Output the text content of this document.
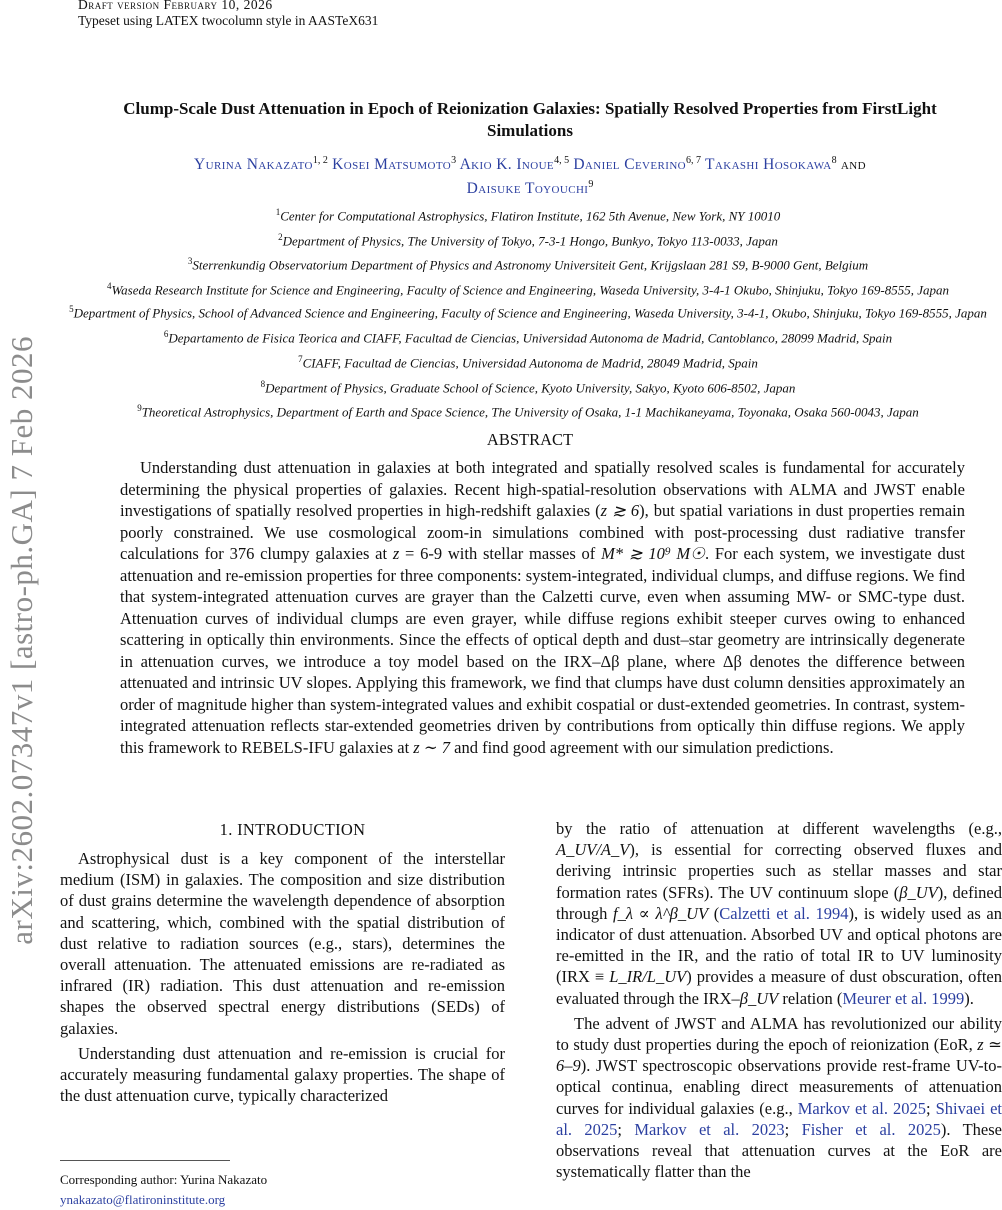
arXiv:2602.07347v1 [astro-ph.GA] 7 Feb 2026
Draft version February 10, 2026
Typeset using LATEX twocolumn style in AASTeX631
Clump-Scale Dust Attenuation in Epoch of Reionization Galaxies: Spatially Resolved Properties from FirstLight Simulations
Yurina Nakazato$^{1, 2}$ Kosei Matsumoto$^3$ Akio K. Inoue$^{4, 5}$ Daniel Ceverino$^{6, 7}$ Takashi Hosokawa$^8$ and
Daisuke Toyouchi$^9$
$^1$Center for Computational Astrophysics, Flatiron Institute, 162 5th Avenue, New York, NY 10010
$^2$Department of Physics, The University of Tokyo, 7-3-1 Hongo, Bunkyo, Tokyo 113-0033, Japan
$^3$Sterrenkundig Observatorium Department of Physics and Astronomy Universiteit Gent, Krijgslaan 281 S9, B-9000 Gent, Belgium
$^4$Waseda Research Institute for Science and Engineering, Faculty of Science and Engineering, Waseda University, 3-4-1 Okubo, Shinjuku, Tokyo 169-8555, Japan
$^5$Department of Physics, School of Advanced Science and Engineering, Faculty of Science and Engineering, Waseda University, 3-4-1, Okubo, Shinjuku, Tokyo 169-8555, Japan
$^6$Departamento de Fisica Teorica and CIAFF, Facultad de Ciencias, Universidad Autonoma de Madrid, Cantoblanco, 28099 Madrid, Spain
$^7$CIAFF, Facultad de Ciencias, Universidad Autonoma de Madrid, 28049 Madrid, Spain
$^8$Department of Physics, Graduate School of Science, Kyoto University, Sakyo, Kyoto 606-8502, Japan
$^9$Theoretical Astrophysics, Department of Earth and Space Science, The University of Osaka, 1-1 Machikaneyama, Toyonaka, Osaka 560-0043, Japan
ABSTRACT
Understanding dust attenuation in galaxies at both integrated and spatially resolved scales is fundamental for accurately determining the physical properties of galaxies. Recent high-spatial-resolution observations with ALMA and JWST enable investigations of spatially resolved properties in high-redshift galaxies (z ≳ 6), but spatial variations in dust properties remain poorly constrained. We use cosmological zoom-in simulations combined with post-processing dust radiative transfer calculations for 376 clumpy galaxies at z = 6-9 with stellar masses of M* ≳ 10⁹ M☉. For each system, we investigate dust attenuation and re-emission properties for three components: system-integrated, individual clumps, and diffuse regions. We find that system-integrated attenuation curves are grayer than the Calzetti curve, even when assuming MW- or SMC-type dust. Attenuation curves of individual clumps are even grayer, while diffuse regions exhibit steeper curves owing to enhanced scattering in optically thin environments. Since the effects of optical depth and dust–star geometry are intrinsically degenerate in attenuation curves, we introduce a toy model based on the IRX–Δβ plane, where Δβ denotes the difference between attenuated and intrinsic UV slopes. Applying this framework, we find that clumps have dust column densities approximately an order of magnitude higher than system-integrated values and exhibit cospatial or dust-extended geometries. In contrast, system-integrated attenuation reflects star-extended geometries driven by contributions from optically thin diffuse regions. We apply this framework to REBELS-IFU galaxies at z ∼ 7 and find good agreement with our simulation predictions.
1. INTRODUCTION

Astrophysical dust is a key component of the interstellar medium (ISM) in galaxies. The composition and size distribution of dust grains determine the wavelength dependence of absorption and scattering, which, combined with the spatial distribution of dust relative to radiation sources (e.g., stars), determines the overall attenuation. The attenuated emissions are re-radiated as infrared (IR) radiation. This dust attenuation and re-emission shapes the observed spectral energy distributions (SEDs) of galaxies.

Understanding dust attenuation and re-emission is crucial for accurately measuring fundamental galaxy properties. The shape of the dust attenuation curve, typically characterized

by the ratio of attenuation at different wavelengths (e.g., A_UV/A_V), is essential for correcting observed fluxes and deriving intrinsic properties such as stellar masses and star formation rates (SFRs). The UV continuum slope (β_UV), defined through f_λ ∝ λ^β_UV (Calzetti et al. 1994), is widely used as an indicator of dust attenuation. Absorbed UV and optical photons are re-emitted in the IR, and the ratio of total IR to UV luminosity (IRX ≡ L_IR/L_UV) provides a measure of dust obscuration, often evaluated through the IRX–β_UV relation (Meurer et al. 1999).

The advent of JWST and ALMA has revolutionized our ability to study dust properties during the epoch of reionization (EoR, z ≃ 6–9). JWST spectroscopic observations provide rest-frame UV-to-optical continua, enabling direct measurements of attenuation curves for individual galaxies (e.g., Markov et al. 2025; Shivaei et al. 2025; Markov et al. 2023; Fisher et al. 2025). These observations reveal that attenuation curves at the EoR are systematically flatter than the

Corresponding author: Yurina Nakazato
ynakazato@flatironinstitute.org
